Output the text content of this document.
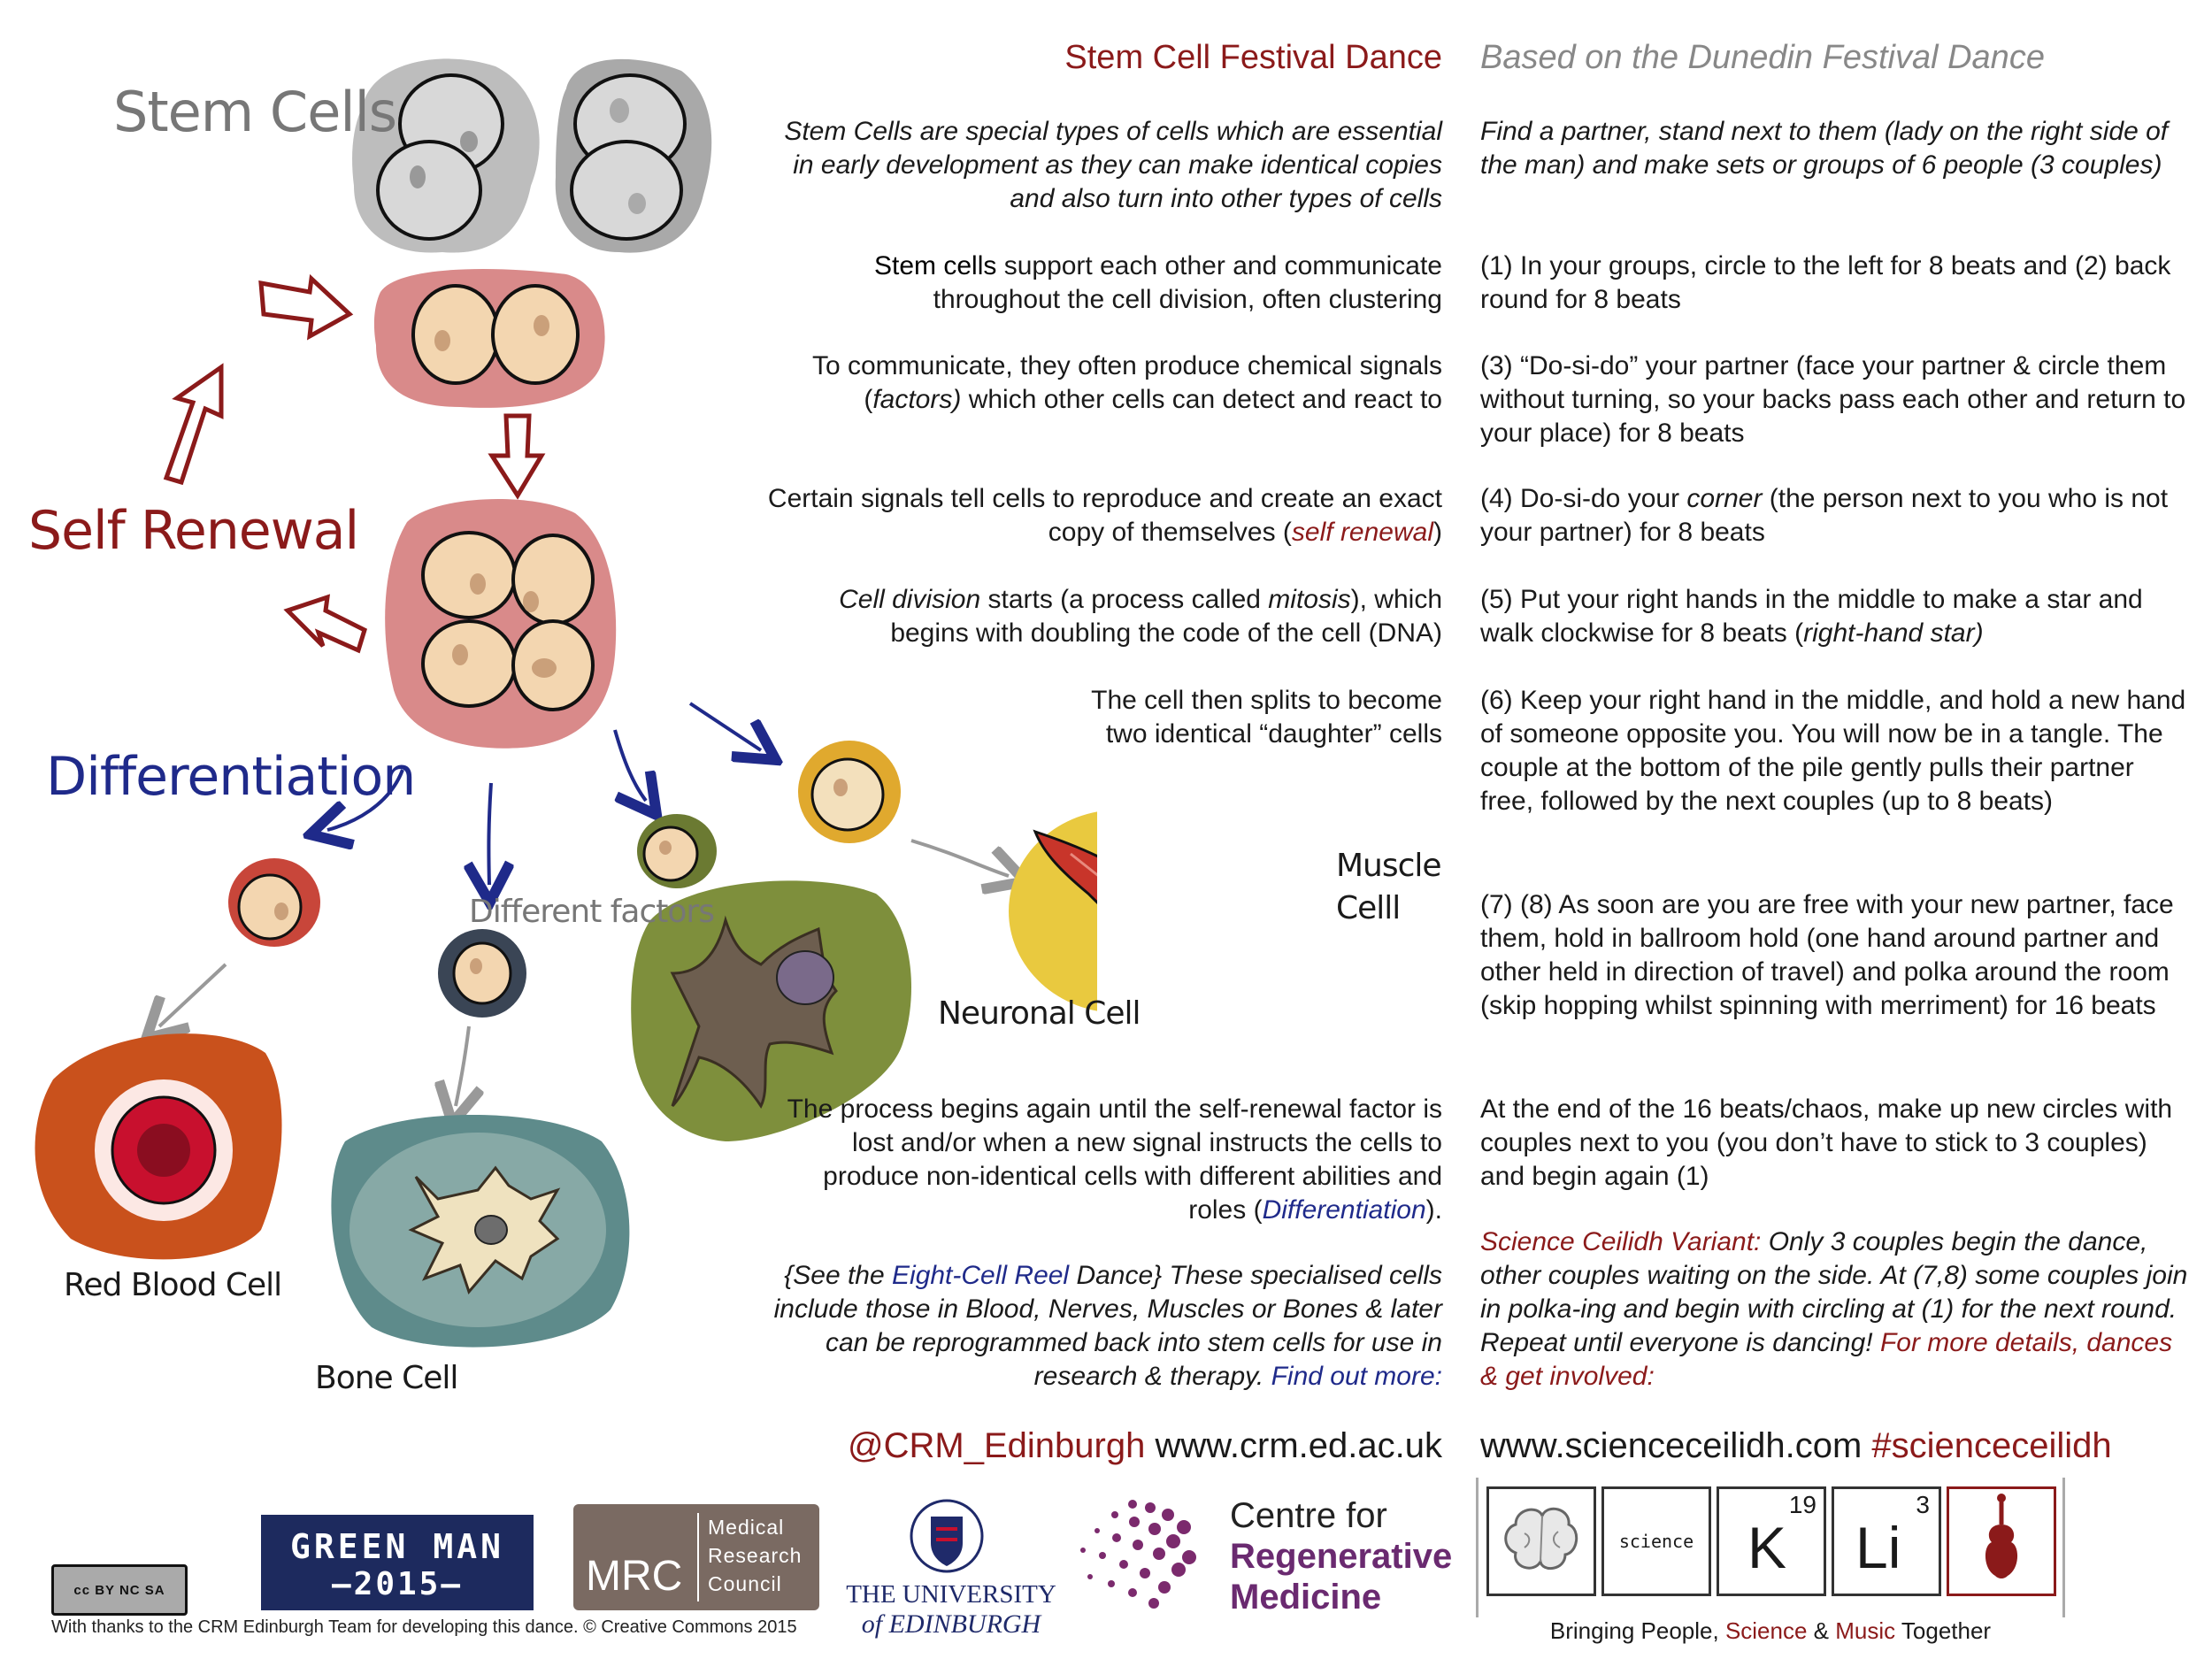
Stem Cells
Self Renewal
Differentiation
Different factors
Muscle
Celll
Neuronal Cell
Red Blood Cell
Bone Cell
Stem Cell Festival Dance

Stem Cells are special types of cells which are essential in early development as they can make identical copies and also turn into other types of cells

Stem cells support each other and communicate throughout the cell division, often clustering

To communicate, they often produce chemical signals (factors) which other cells can detect and react to

Certain signals tell cells to reproduce and create an exact copy of themselves (self renewal)

Cell division starts (a process called mitosis), which begins with doubling the code of the cell (DNA)

The cell then splits to become two identical “daughter” cells

The process begins again until the self-renewal factor is lost and/or when a new signal instructs the cells to produce non-identical cells with different abilities and roles (Differentiation).

{See the Eight-Cell Reel Dance} These specialised cells include those in Blood, Nerves, Muscles or Bones & later can be reprogrammed back into stem cells for use in research & therapy. Find out more:

@CRM_Edinburgh www.crm.ed.ac.uk
Based on the Dunedin Festival Dance

Find a partner, stand next to them (lady on the right side of the man) and make sets or groups of 6 people (3 couples)

(1) In your groups, circle to the left for 8 beats and (2) back round for 8 beats

(3) “Do-si-do” your partner (face your partner & circle them without turning, so your backs pass each other and return to your place) for 8 beats

(4) Do-si-do your corner (the person next to you who is not your partner) for 8 beats

(5) Put your right hands in the middle to make a star and walk clockwise for 8 beats (right-hand star)

(6) Keep your right hand in the middle, and hold a new hand of someone opposite you. You will now be in a tangle. The couple at the bottom of the pile gently pulls their partner free, followed by the next couples (up to 8 beats)

(7) (8) As soon are you are free with your new partner, face them, hold in ballroom hold (one hand around partner and other held in direction of travel) and polka around the room (skip hopping whilst spinning with merriment) for 16 beats

At the end of the 16 beats/chaos, make up new circles with couples next to you (you don’t have to stick to 3 couples) and begin again (1)

Science Ceilidh Variant: Only 3 couples begin the dance, other couples waiting on the side. At (7,8) some couples join in polka-ing and begin with circling at (1) for the next round. Repeat until everyone is dancing! For more details, dances & get involved:

www.scienceceilidh.com #scienceceilidh
cc BY NC SA
With thanks to the CRM Edinburgh Team for developing this dance. © Creative Commons 2015
GREEN MAN
—2015—	MRC
Medical
Research
Council	THE UNIVERSITY
of EDINBURGH
Centre for
Regenerative
Medicine
science
19
K
3
Li
Bringing People, Science & Music Together
